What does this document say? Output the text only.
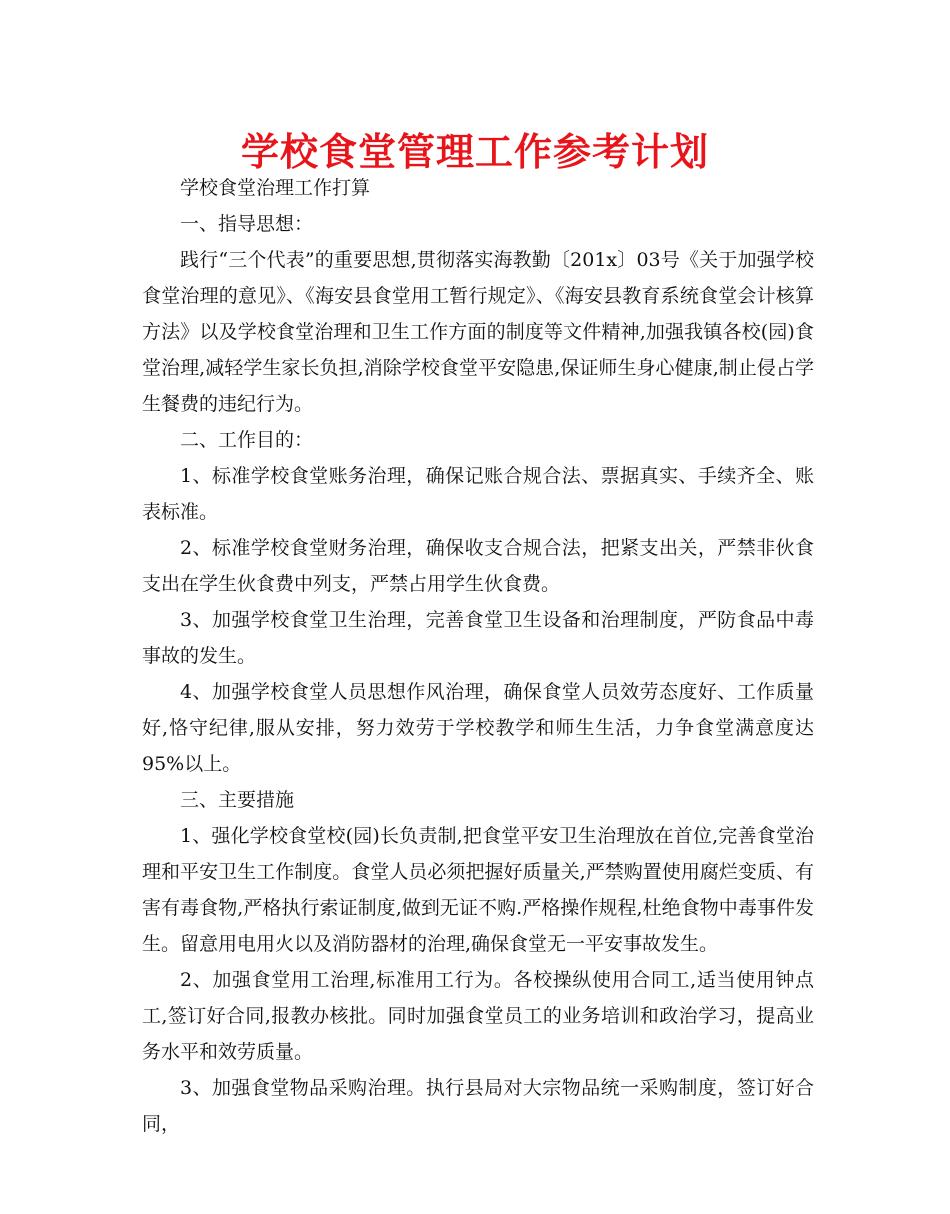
学校食堂管理工作参考计划

学校食堂治理工作打算

一、指导思想：

践行“三个代表”的重要思想,贯彻落实海教勤〔201x〕03号《关于加强学校食堂治理的意见》、《海安县食堂用工暂行规定》、《海安县教育系统食堂会计核算方法》以及学校食堂治理和卫生工作方面的制度等文件精神,加强我镇各校(园)食堂治理,减轻学生家长负担,消除学校食堂平安隐患,保证师生身心健康,制止侵占学生餐费的违纪行为。

二、工作目的：

1、标准学校食堂账务治理，确保记账合规合法、票据真实、手续齐全、账表标准。

2、标准学校食堂财务治理，确保收支合规合法，把紧支出关，严禁非伙食支出在学生伙食费中列支，严禁占用学生伙食费。

3、加强学校食堂卫生治理，完善食堂卫生设备和治理制度，严防食品中毒事故的发生。

4、加强学校食堂人员思想作风治理，确保食堂人员效劳态度好、工作质量好,恪守纪律,服从安排，努力效劳于学校教学和师生生活，力争食堂满意度达95%以上。

三、主要措施

1、强化学校食堂校(园)长负责制,把食堂平安卫生治理放在首位,完善食堂治理和平安卫生工作制度。食堂人员必须把握好质量关,严禁购置使用腐烂变质、有害有毒食物,严格执行索证制度,做到无证不购.严格操作规程,杜绝食物中毒事件发生。留意用电用火以及消防器材的治理,确保食堂无一平安事故发生。

2、加强食堂用工治理,标准用工行为。各校操纵使用合同工,适当使用钟点工,签订好合同,报教办核批。同时加强食堂员工的业务培训和政治学习，提高业务水平和效劳质量。

3、加强食堂物品采购治理。执行县局对大宗物品统一采购制度，签订好合同，
